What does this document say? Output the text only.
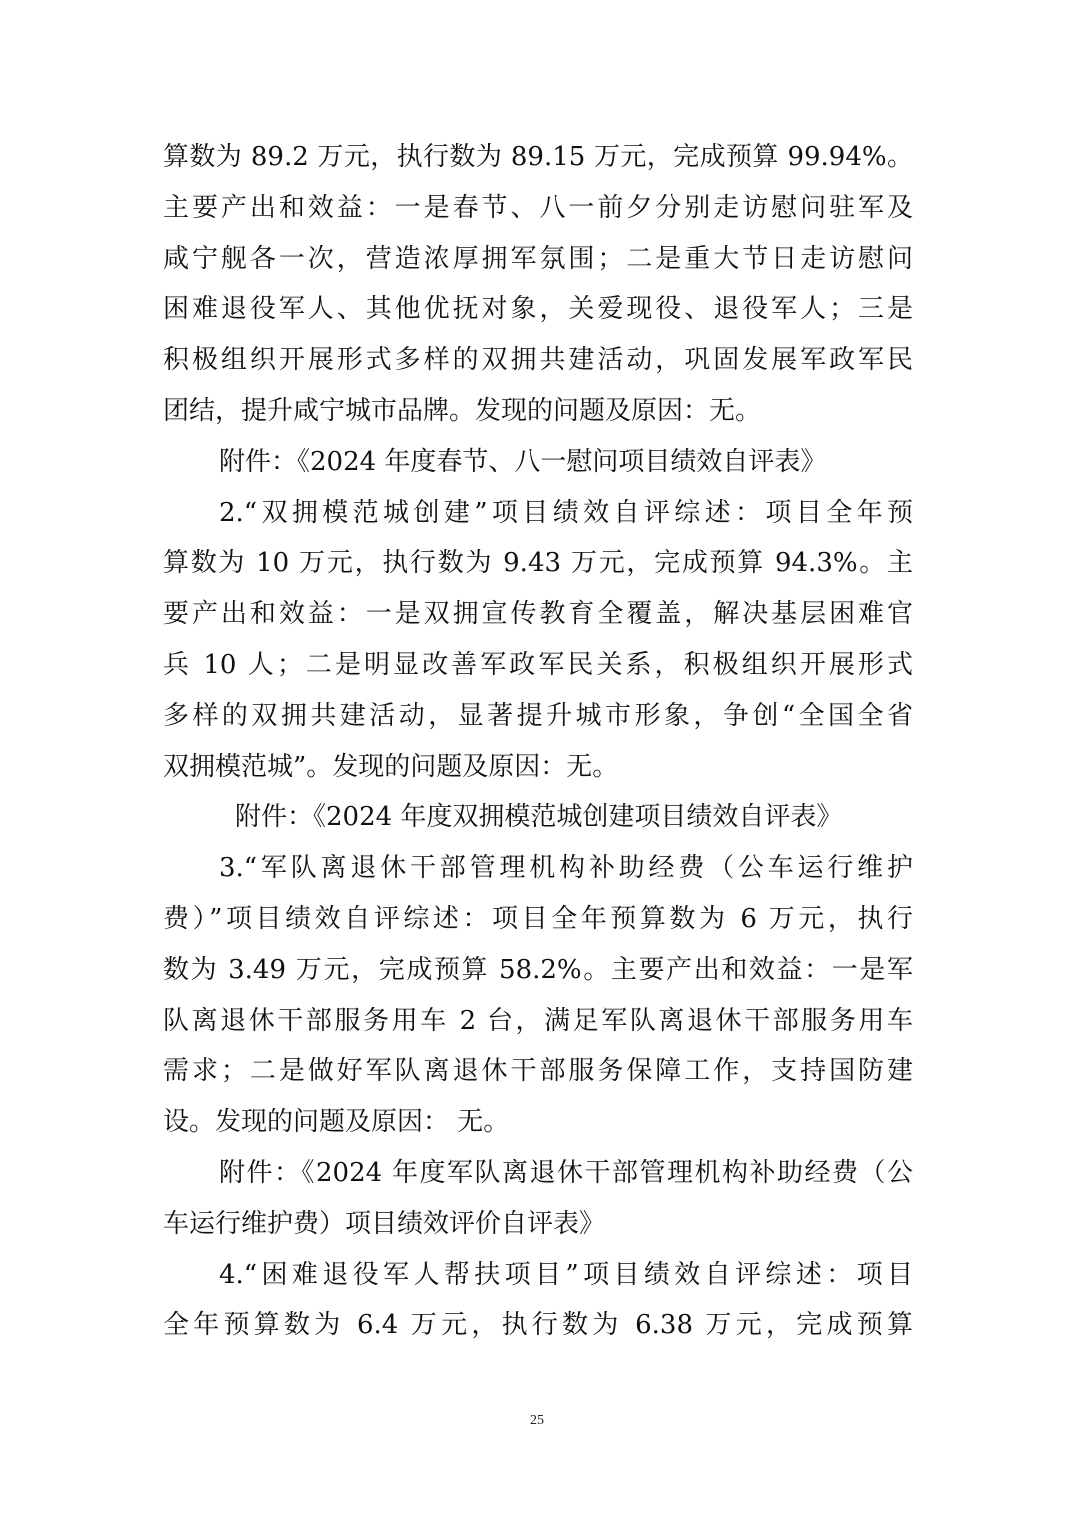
算数为 89.2 万元，执行数为 89.15 万元，完成预算 99.94%。
主要产出和效益：一是春节、八一前夕分别走访慰问驻军及
咸宁舰各一次，营造浓厚拥军氛围；二是重大节日走访慰问
困难退役军人、其他优抚对象，关爱现役、退役军人；三是
积极组织开展形式多样的双拥共建活动，巩固发展军政军民
团结，提升咸宁城市品牌。发现的问题及原因：无。
附件：《2024 年度春节、八一慰问项目绩效自评表》
2.“双拥模范城创建”项目绩效自评综述：项目全年预
算数为 10 万元，执行数为 9.43 万元，完成预算 94.3%。主
要产出和效益：一是双拥宣传教育全覆盖，解决基层困难官
兵 10 人；二是明显改善军政军民关系，积极组织开展形式
多样的双拥共建活动，显著提升城市形象，争创“全国全省
双拥模范城”。发现的问题及原因：无。
附件：《2024 年度双拥模范城创建项目绩效自评表》
3.“军队离退休干部管理机构补助经费（公车运行维护
费）”项目绩效自评综述：项目全年预算数为 6 万元，执行
数为 3.49 万元，完成预算 58.2%。主要产出和效益：一是军
队离退休干部服务用车 2 台，满足军队离退休干部服务用车
需求；二是做好军队离退休干部服务保障工作，支持国防建
设。发现的问题及原因： 无。
附件：《2024 年度军队离退休干部管理机构补助经费（公
车运行维护费）项目绩效评价自评表》
4.“困难退役军人帮扶项目”项目绩效自评综述：项目
全年预算数为 6.4 万元，执行数为 6.38 万元，完成预算
25
